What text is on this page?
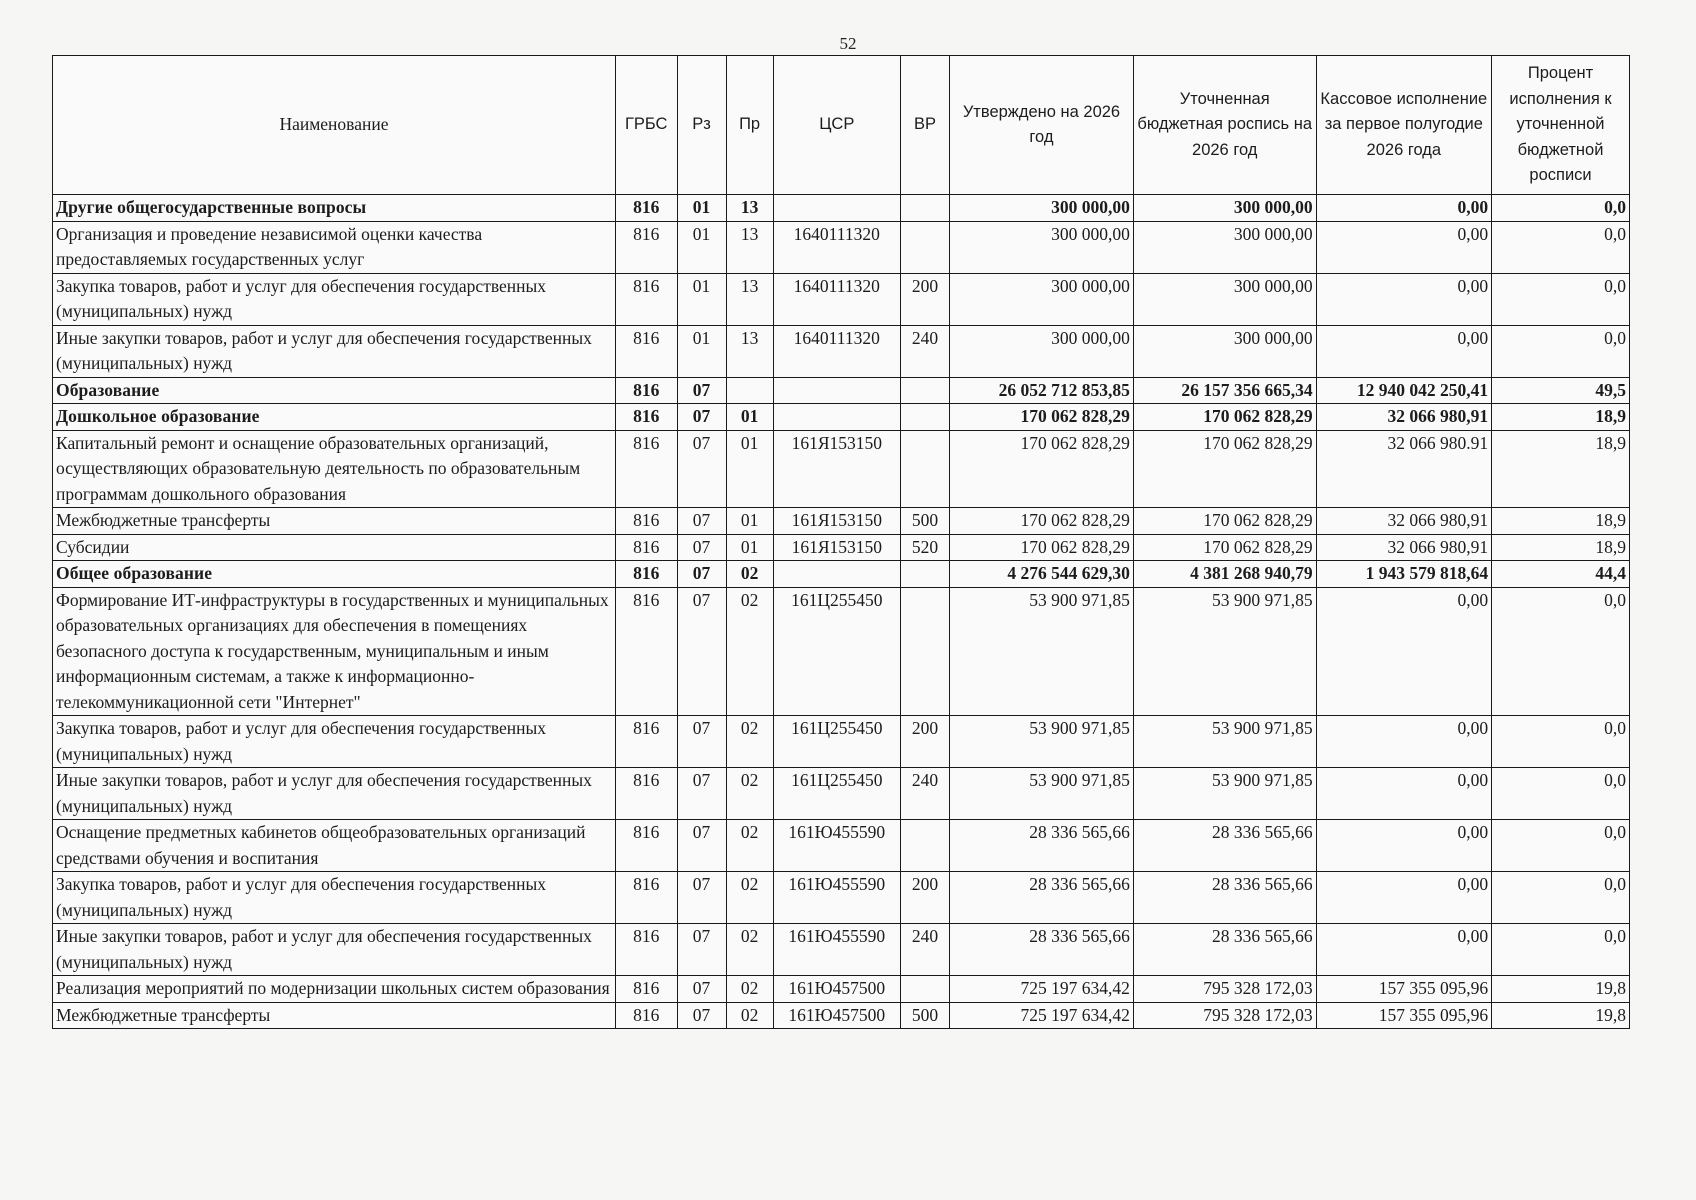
52
Наименование	ГРБС	Рз	Пр	ЦСР	ВР	Утверждено на 2026 год	Уточненная бюджетная роспись на 2026 год	Кассовое исполнение за первое полугодие 2026 года	Процент исполнения к уточненной бюджетной росписи
Другие общегосударственные вопросы	816	01	13			300 000,00	300 000,00	0,00	0,0
Организация и проведение независимой оценки качества предоставляемых государственных услуг	816	01	13	1640111320		300 000,00	300 000,00	0,00	0,0
Закупка товаров, работ и услуг для обеспечения государственных (муниципальных) нужд	816	01	13	1640111320	200	300 000,00	300 000,00	0,00	0,0
Иные закупки товаров, работ и услуг для обеспечения государственных (муниципальных) нужд	816	01	13	1640111320	240	300 000,00	300 000,00	0,00	0,0
Образование	816	07				26 052 712 853,85	26 157 356 665,34	12 940 042 250,41	49,5
Дошкольное образование	816	07	01			170 062 828,29	170 062 828,29	32 066 980,91	18,9
Капитальный ремонт и оснащение образовательных организаций, осуществляющих образовательную деятельность по образовательным программам дошкольного образования	816	07	01	161Я153150		170 062 828,29	170 062 828,29	32 066 980.91	18,9
Межбюджетные трансферты	816	07	01	161Я153150	500	170 062 828,29	170 062 828,29	32 066 980,91	18,9
Субсидии	816	07	01	161Я153150	520	170 062 828,29	170 062 828,29	32 066 980,91	18,9
Общее образование	816	07	02			4 276 544 629,30	4 381 268 940,79	1 943 579 818,64	44,4
Формирование ИТ-инфраструктуры в государственных и муниципальных образовательных организациях для обеспечения в помещениях безопасного доступа к государственным, муниципальным и иным информационным системам, а также к информационно-телекоммуникационной сети "Интернет"	816	07	02	161Ц255450		53 900 971,85	53 900 971,85	0,00	0,0
Закупка товаров, работ и услуг для обеспечения государственных (муниципальных) нужд	816	07	02	161Ц255450	200	53 900 971,85	53 900 971,85	0,00	0,0
Иные закупки товаров, работ и услуг для обеспечения государственных (муниципальных) нужд	816	07	02	161Ц255450	240	53 900 971,85	53 900 971,85	0,00	0,0
Оснащение предметных кабинетов общеобразовательных организаций средствами обучения и воспитания	816	07	02	161Ю455590		28 336 565,66	28 336 565,66	0,00	0,0
Закупка товаров, работ и услуг для обеспечения государственных (муниципальных) нужд	816	07	02	161Ю455590	200	28 336 565,66	28 336 565,66	0,00	0,0
Иные закупки товаров, работ и услуг для обеспечения государственных (муниципальных) нужд	816	07	02	161Ю455590	240	28 336 565,66	28 336 565,66	0,00	0,0
Реализация мероприятий по модернизации школьных систем образования	816	07	02	161Ю457500		725 197 634,42	795 328 172,03	157 355 095,96	19,8
Межбюджетные трансферты	816	07	02	161Ю457500	500	725 197 634,42	795 328 172,03	157 355 095,96	19,8
